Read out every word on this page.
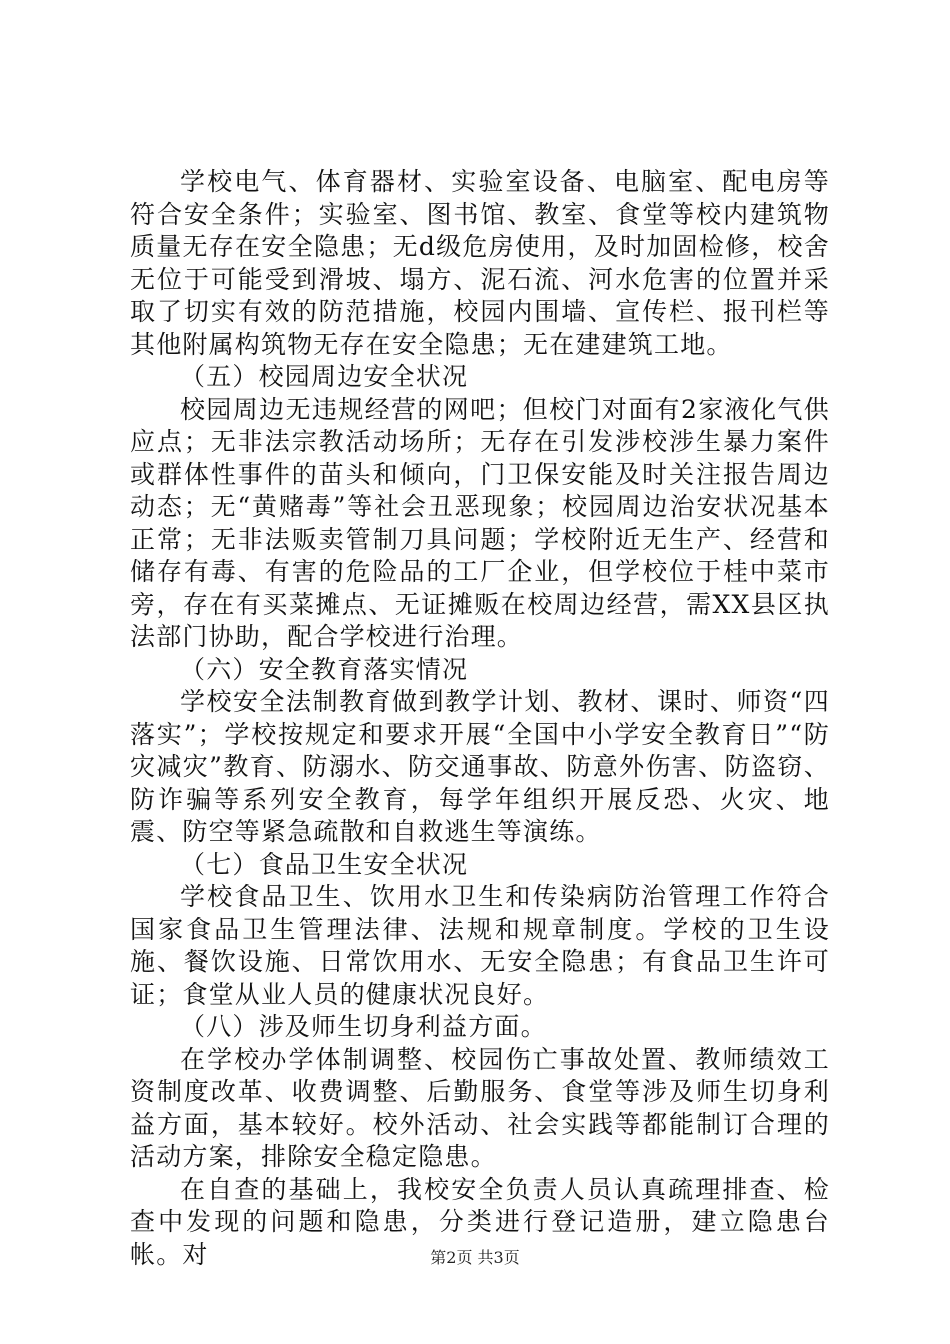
学校电气、体育器材、实验室设备、电脑室、配电房等符合安全条件；实验室、图书馆、教室、食堂等校内建筑物质量无存在安全隐患；无d级危房使用，及时加固检修，校舍无位于可能受到滑坡、塌方、泥石流、河水危害的位置并采取了切实有效的防范措施，校园内围墙、宣传栏、报刊栏等其他附属构筑物无存在安全隐患；无在建建筑工地。

（五）校园周边安全状况

校园周边无违规经营的网吧；但校门对面有2家液化气供应点；无非法宗教活动场所；无存在引发涉校涉生暴力案件或群体性事件的苗头和倾向，门卫保安能及时关注报告周边动态；无“黄赌毒”等社会丑恶现象；校园周边治安状况基本正常；无非法贩卖管制刀具问题；学校附近无生产、经营和储存有毒、有害的危险品的工厂企业，但学校位于桂中菜市旁，存在有买菜摊点、无证摊贩在校周边经营，需XX县区执法部门协助，配合学校进行治理。

（六）安全教育落实情况

学校安全法制教育做到教学计划、教材、课时、师资“四落实”；学校按规定和要求开展“全国中小学安全教育日”“防灾减灾”教育、防溺水、防交通事故、防意外伤害、防盗窃、防诈骗等系列安全教育，每学年组织开展反恐、火灾、地震、防空等紧急疏散和自救逃生等演练。

（七）食品卫生安全状况

学校食品卫生、饮用水卫生和传染病防治管理工作符合国家食品卫生管理法律、法规和规章制度。学校的卫生设施、餐饮设施、日常饮用水、无安全隐患；有食品卫生许可证；食堂从业人员的健康状况良好。

（八）涉及师生切身利益方面。

在学校办学体制调整、校园伤亡事故处置、教师绩效工资制度改革、收费调整、后勤服务、食堂等涉及师生切身利益方面，基本较好。校外活动、社会实践等都能制订合理的活动方案，排除安全稳定隐患。

在自查的基础上，我校安全负责人员认真疏理排查、检查中发现的问题和隐患，分类进行登记造册，建立隐患台帐。对	第2页 共3页
